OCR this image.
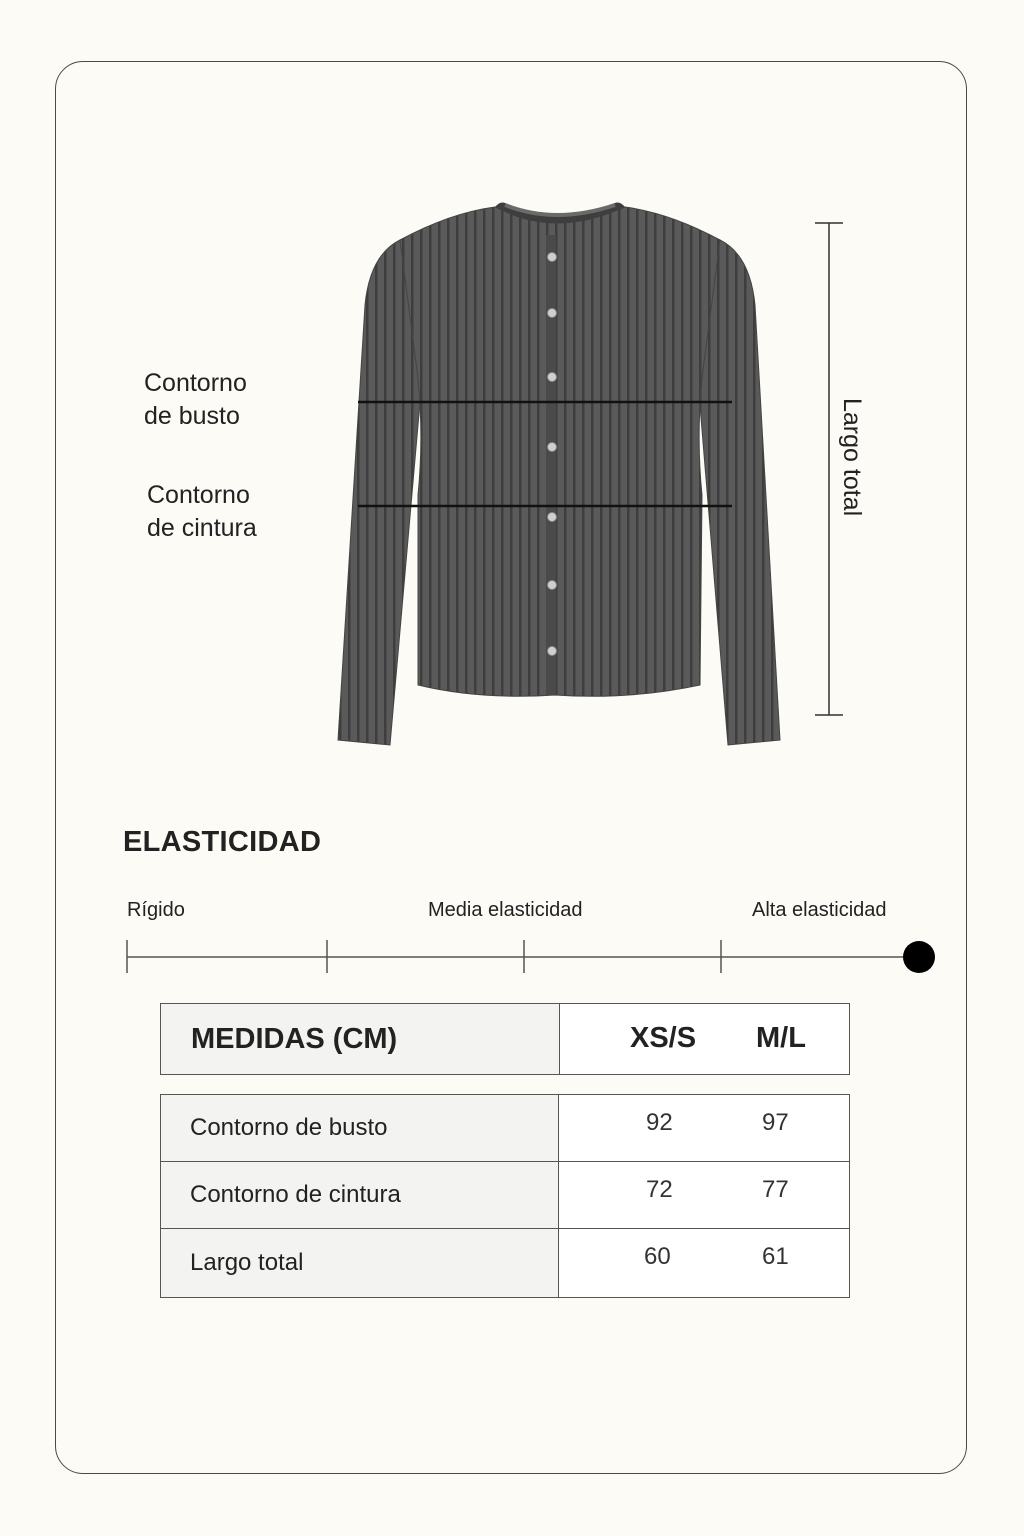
Contorno
de busto
Contorno
de cintura
Largo total
ELASTICIDAD
Rígido	Media elasticidad	Alta elasticidad
MEDIDAS (CM)	XS/S M/L
Contorno de busto	92 97

Contorno de cintura	72 77

Largo total	60 61
